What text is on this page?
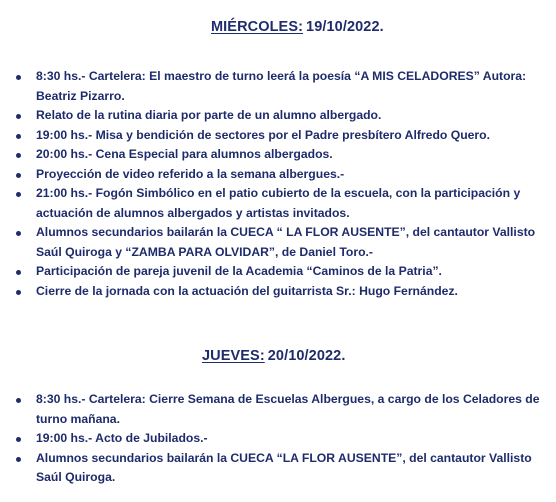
MIÉRCOLES: 19/10/2022.
8:30 hs.- Cartelera: El maestro de turno leerá la poesía “A MIS CELADORES” Autora: Beatriz Pizarro.
Relato de la rutina diaria por parte de un alumno albergado.
19:00 hs.- Misa y bendición de sectores por el Padre presbítero Alfredo Quero.
20:00 hs.- Cena Especial para alumnos albergados.
Proyección de video referido a la semana albergues.-
21:00 hs.- Fogón Simbólico en el patio cubierto de la escuela, con la participación y actuación de alumnos albergados y artistas invitados.
Alumnos secundarios bailarán la CUECA “ LA FLOR AUSENTE”, del cantautor Vallisto Saúl Quiroga y “ZAMBA PARA OLVIDAR”, de Daniel Toro.-
Participación de pareja juvenil de la Academia “Caminos de la Patria”.
Cierre de la jornada con la actuación del guitarrista Sr.: Hugo Fernández.
JUEVES: 20/10/2022.
8:30 hs.- Cartelera: Cierre Semana de Escuelas Albergues, a cargo de los Celadores de turno mañana.
19:00 hs.- Acto de Jubilados.-
Alumnos secundarios bailarán la CUECA “LA FLOR AUSENTE”, del cantautor Vallisto Saúl Quiroga.
